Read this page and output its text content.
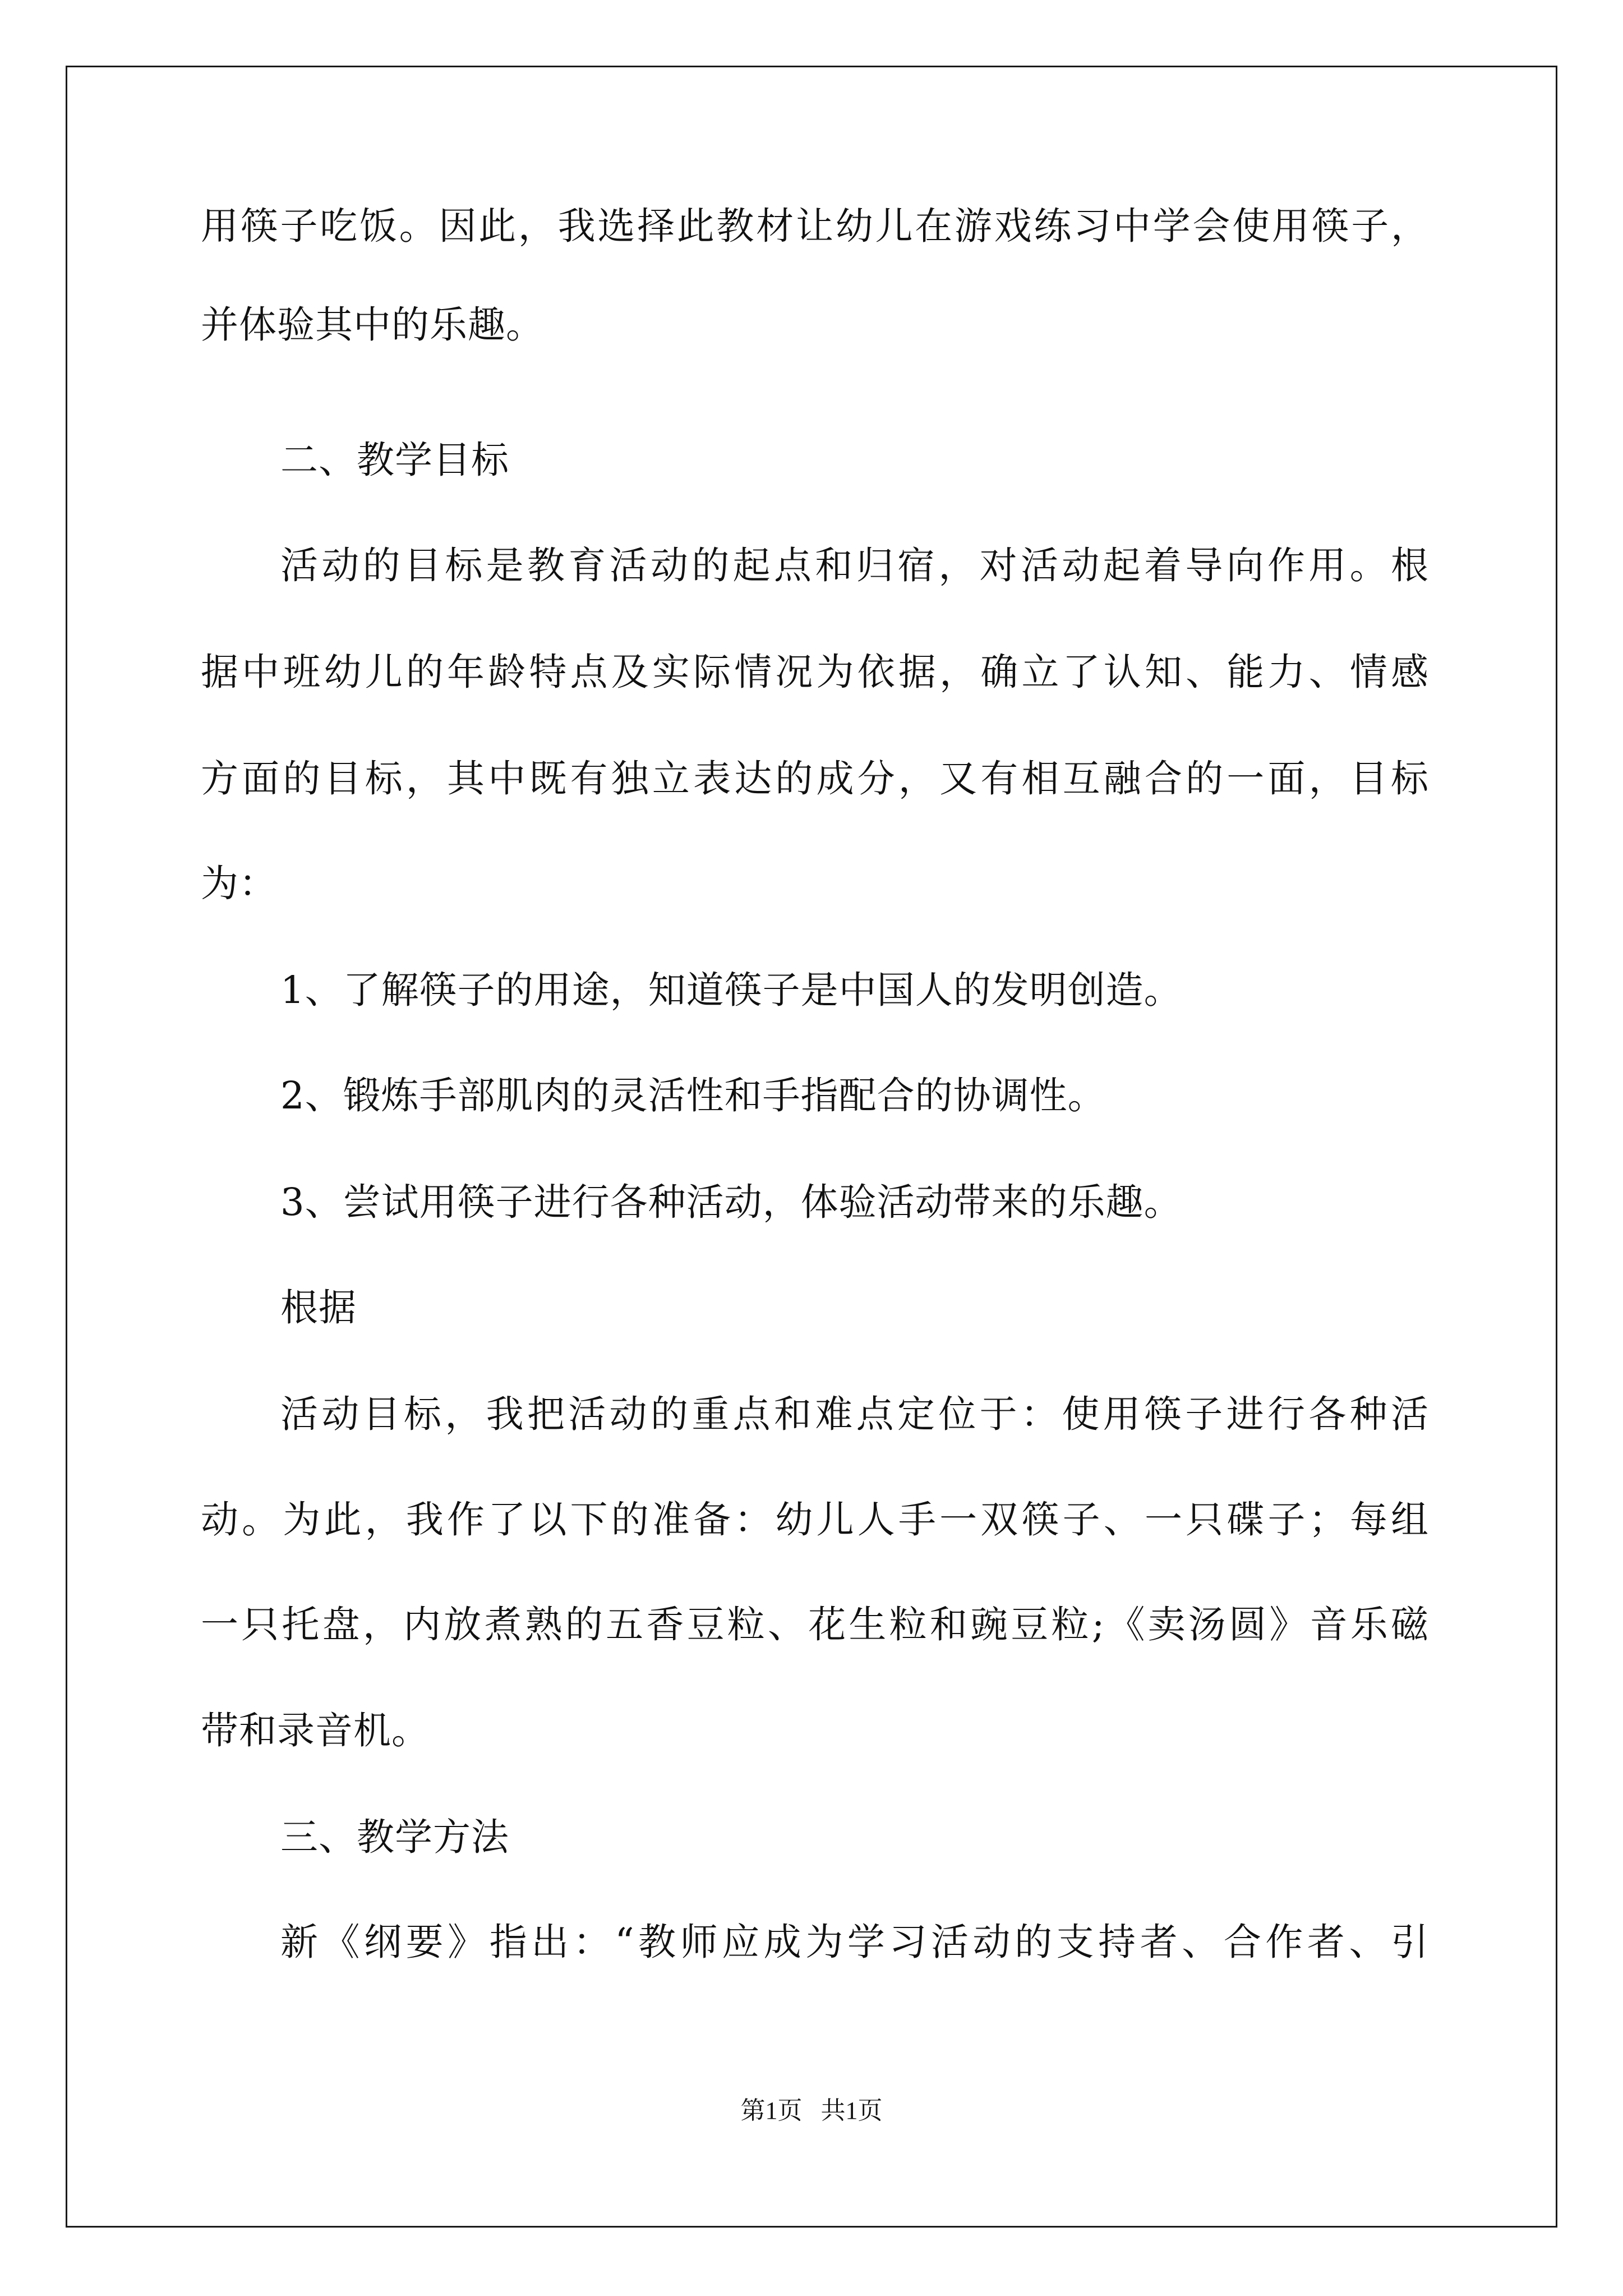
用筷子吃饭。因此，我选择此教材让幼儿在游戏练习中学会使用筷子，
并体验其中的乐趣。
二、教学目标
活动的目标是教育活动的起点和归宿，对活动起着导向作用。根
据中班幼儿的年龄特点及实际情况为依据，确立了认知、能力、情感
方面的目标，其中既有独立表达的成分，又有相互融合的一面，目标
为：
1、了解筷子的用途，知道筷子是中国人的发明创造。
2、锻炼手部肌肉的灵活性和手指配合的协调性。
3、尝试用筷子进行各种活动，体验活动带来的乐趣。
根据
活动目标，我把活动的重点和难点定位于：使用筷子进行各种活
动。为此，我作了以下的准备：幼儿人手一双筷子、一只碟子；每组
一只托盘，内放煮熟的五香豆粒、花生粒和豌豆粒;《卖汤圆》音乐磁
带和录音机。
三、教学方法
新《纲要》指出：“教师应成为学习活动的支持者、合作者、引
第1页   共1页
